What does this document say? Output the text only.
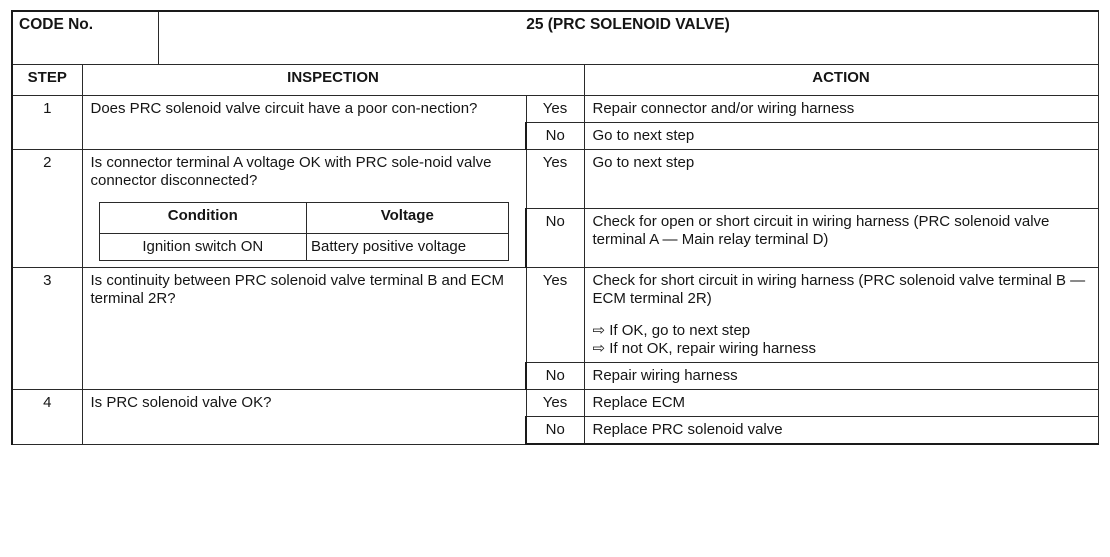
CODE No.	25 (PRC SOLENOID VALVE)
STEP	INSPECTION	ACTION
1	Does PRC solenoid valve circuit have a poor con-nection?	Yes	Repair connector and/or wiring harness
No	Go to next step
2	Is connector terminal A voltage OK with PRC sole-noid valve connector disconnected?
Condition	Voltage
Ignition switch ON	Battery positive voltage
	Yes	Go to next step
No	Check for open or short circuit in wiring harness (PRC solenoid valve terminal A — Main relay terminal D)
3	Is continuity between PRC solenoid valve terminal B and ECM terminal 2R?	Yes	Check for short circuit in wiring harness (PRC solenoid valve terminal B — ECM terminal 2R)
⇨ If OK, go to next step
⇨ If not OK, repair wiring harness

No	Repair wiring harness
4	Is PRC solenoid valve OK?	Yes	Replace ECM
No	Replace PRC solenoid valve
